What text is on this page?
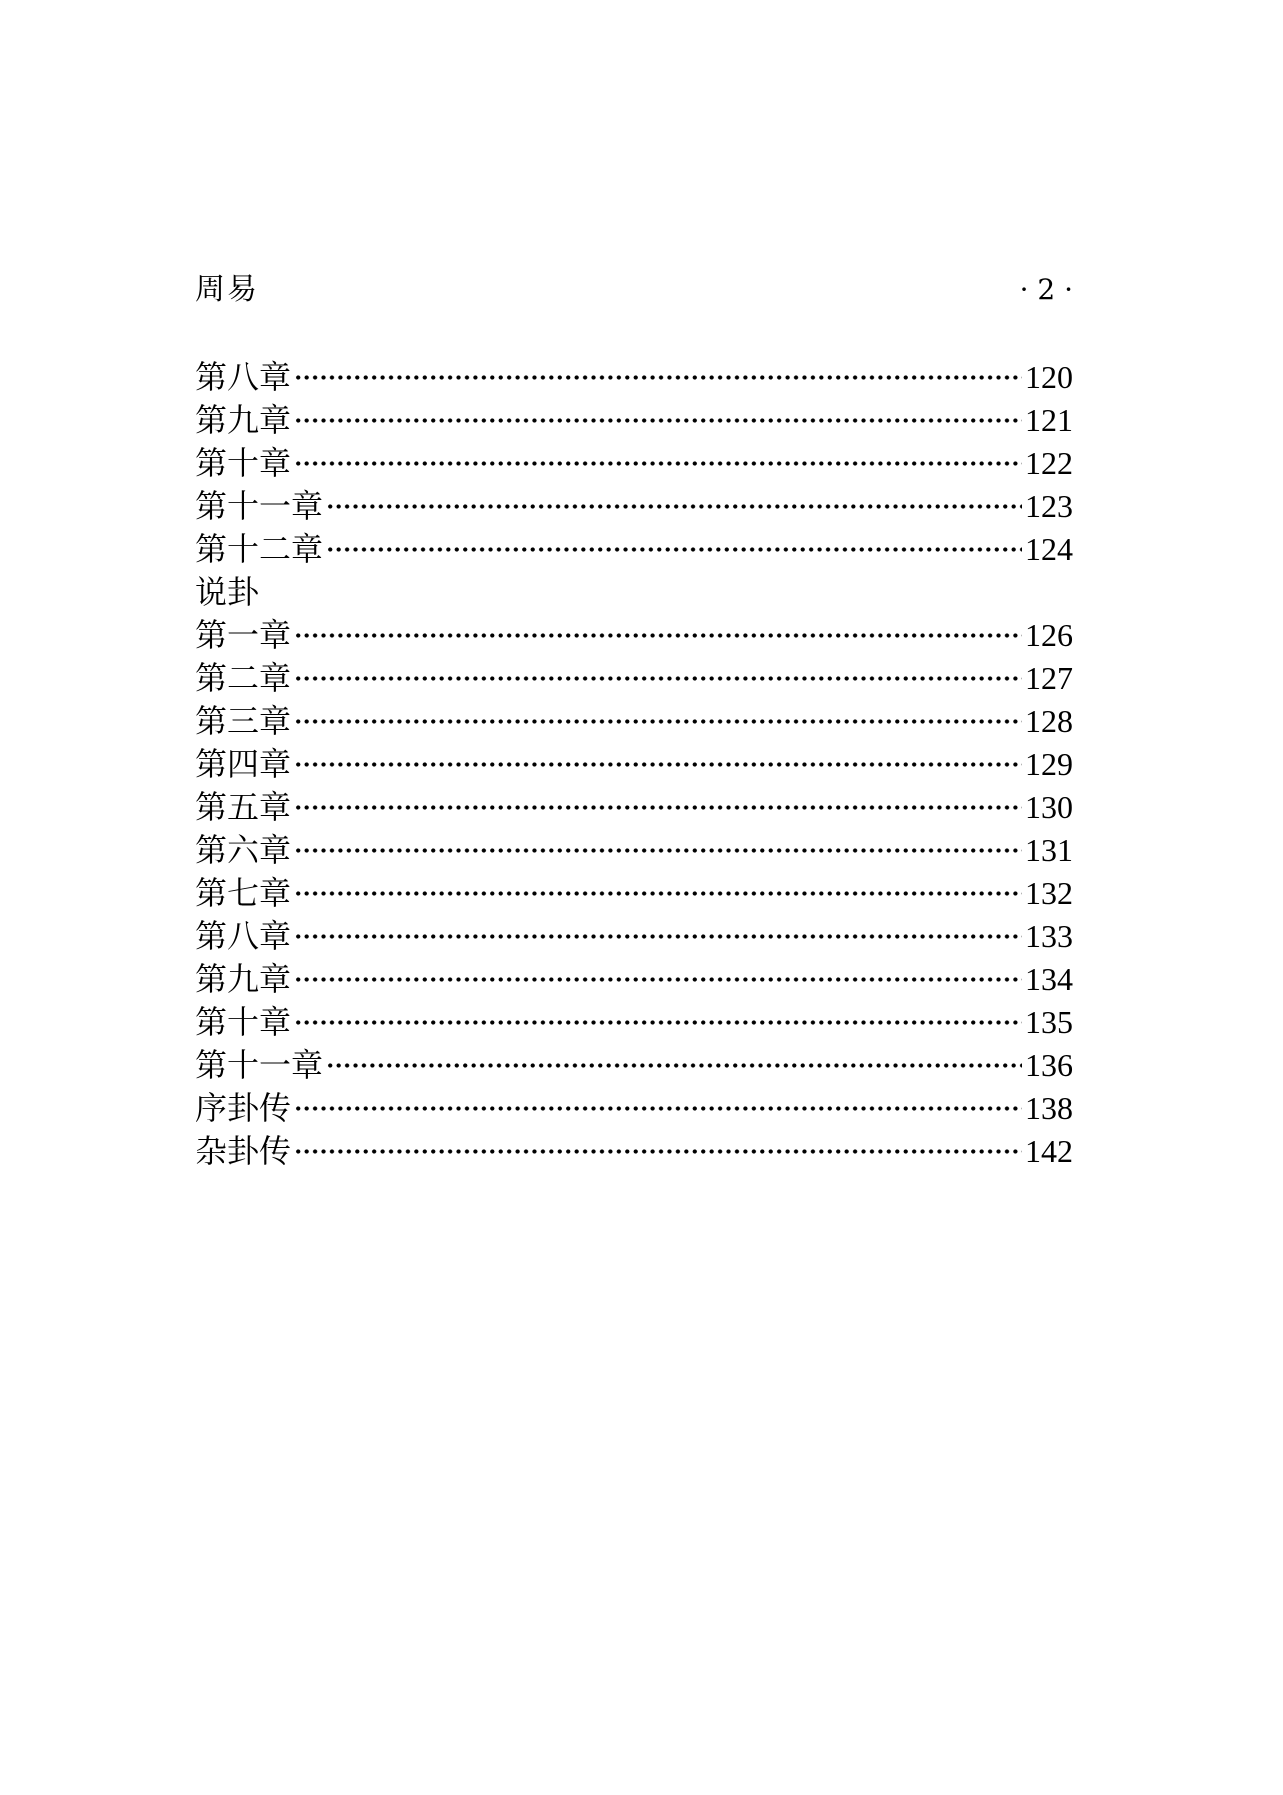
周易	· 2 ·
第八章	120
第九章	121
第十章	122
第十一章	123
第十二章	124
说卦
第一章	126
第二章	127
第三章	128
第四章	129
第五章	130
第六章	131
第七章	132
第八章	133
第九章	134
第十章	135
第十一章	136
序卦传	138
杂卦传	142
